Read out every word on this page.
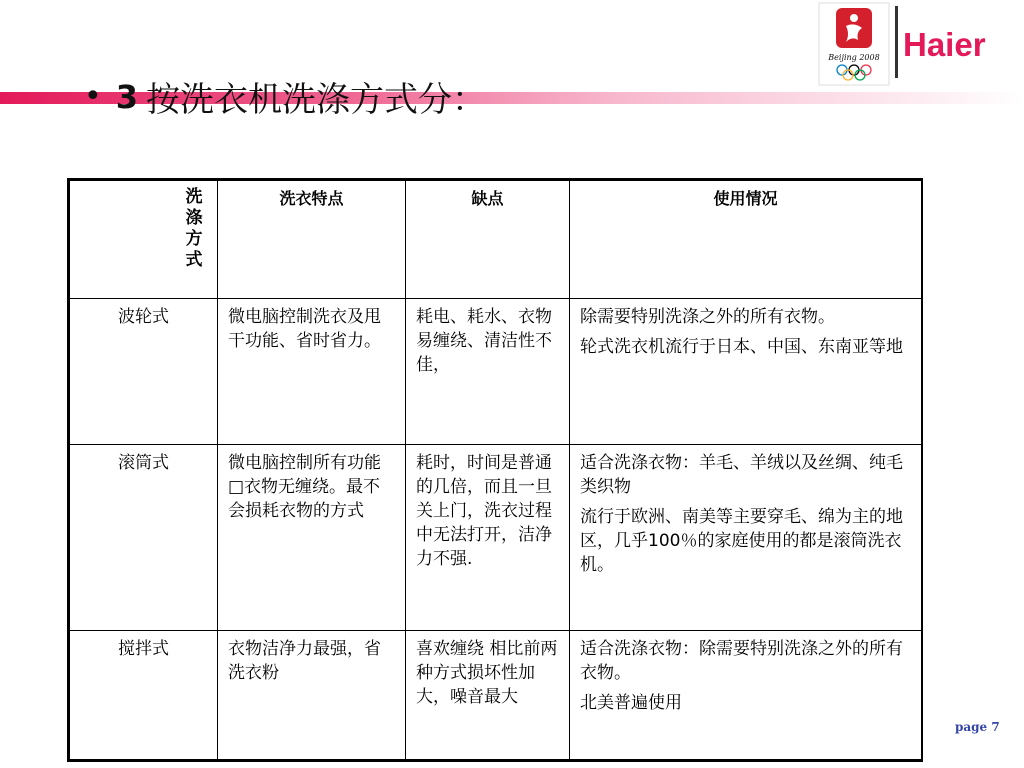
Beijing 2008 Haier
• 3 按洗衣机洗涤方式分：
洗涤方式	洗衣特点	缺点	使用情况
波轮式	微电脑控制洗衣及甩干功能、省时省力。	耗电、耗水、衣物易缠绕、清洁性不佳，	除需要特别洗涤之外的所有衣物。

轮式洗衣机流行于日本、中国、东南亚等地

滚筒式	微电脑控制所有功能□衣物无缠绕。最不会损耗衣物的方式	耗时，时间是普通的几倍，而且一旦关上门，洗衣过程中无法打开，洁净力不强.	适合洗涤衣物：羊毛、羊绒以及丝绸、纯毛类织物

流行于欧洲、南美等主要穿毛、绵为主的地区，几乎100％的家庭使用的都是滚筒洗衣机。

搅拌式	衣物洁净力最强，省洗衣粉	喜欢缠绕 相比前两种方式损坏性加大，噪音最大	适合洗涤衣物：除需要特别洗涤之外的所有衣物。

北美普遍使用

page 7
